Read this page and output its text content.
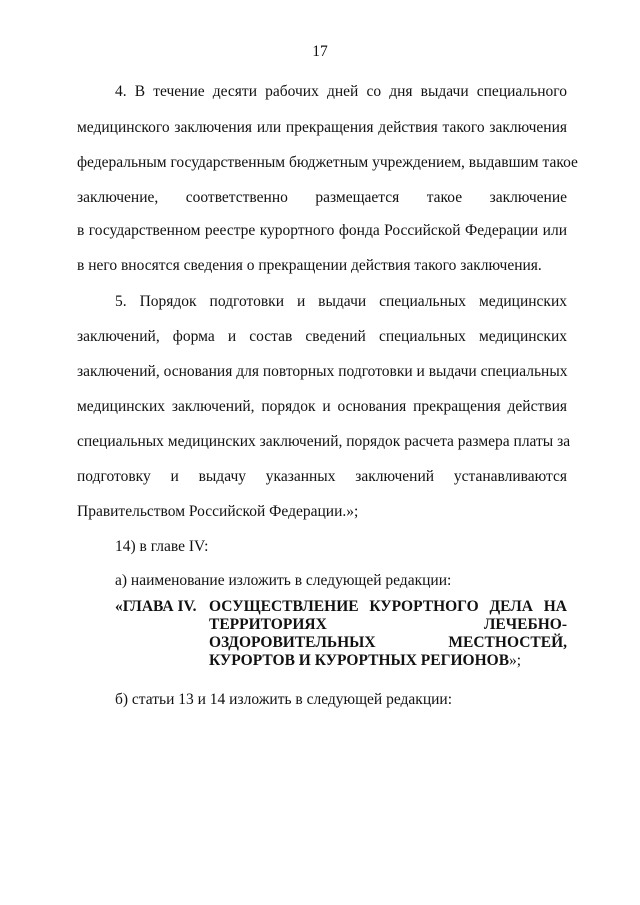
17
4. В течение десяти рабочих дней со дня выдачи специального
медицинского заключения или прекращения действия такого заключения
федеральным государственным бюджетным учреждением, выдавшим такое
заключение, соответственно размещается такое заключение
в государственном реестре курортного фонда Российской Федерации или
в него вносятся сведения о прекращении действия такого заключения.
5. Порядок подготовки и выдачи специальных медицинских
заключений, форма и состав сведений специальных медицинских
заключений, основания для повторных подготовки и выдачи специальных
медицинских заключений, порядок и основания прекращения действия
специальных медицинских заключений, порядок расчета размера платы за
подготовку и выдачу указанных заключений устанавливаются
Правительством Российской Федерации.»;
14) в главе IV:
а) наименование изложить в следующей редакции:
«ГЛАВА IV. ОСУЩЕСТВЛЕНИЕ КУРОРТНОГО ДЕЛА НА
ТЕРРИТОРИЯХ ЛЕЧЕБНО-
ОЗДОРОВИТЕЛЬНЫХ МЕСТНОСТЕЙ,
КУРОРТОВ И КУРОРТНЫХ РЕГИОНОВ»;
б) статьи 13 и 14 изложить в следующей редакции:
